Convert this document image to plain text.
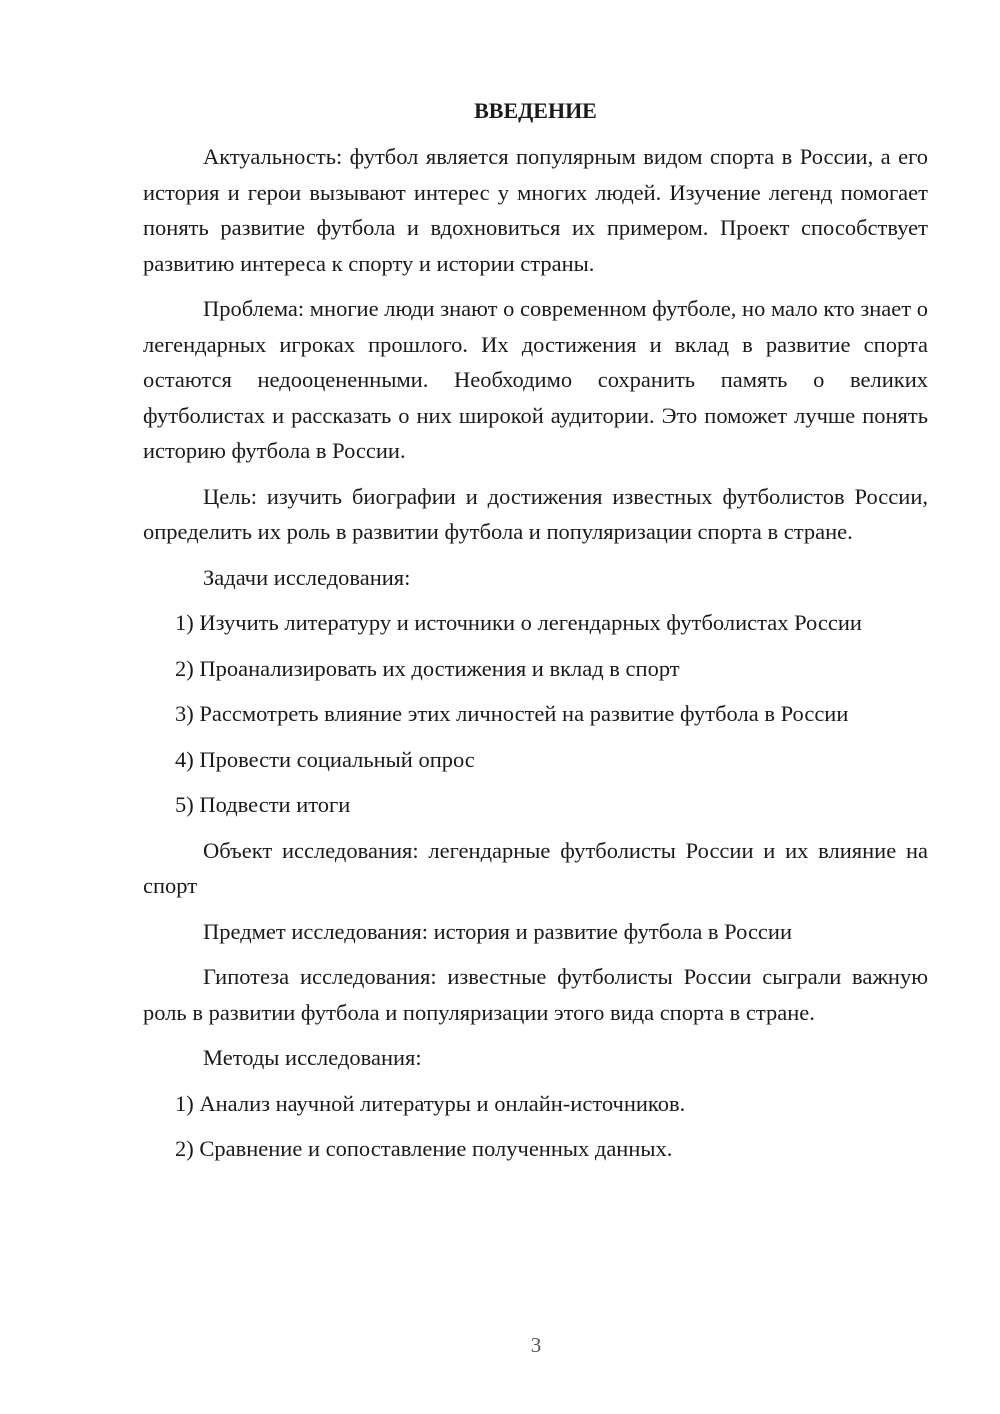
ВВЕДЕНИЕ

Актуальность: футбол является популярным видом спорта в России, а его история и герои вызывают интерес у многих людей. Изучение легенд помогает понять развитие футбола и вдохновиться их примером. Проект способствует развитию интереса к спорту и истории страны.

Проблема: многие люди знают о современном футболе, но мало кто знает о легендарных игроках прошлого. Их достижения и вклад в развитие спорта остаются недооцененными. Необходимо сохранить память о великих футболистах и рассказать о них широкой аудитории. Это поможет лучше понять историю футбола в России.

Цель: изучить биографии и достижения известных футболистов России, определить их роль в развитии футбола и популяризации спорта в стране.

Задачи исследования:
1) Изучить литературу и источники о легендарных футболистах России
2) Проанализировать их достижения и вклад в спорт
3) Рассмотреть влияние этих личностей на развитие футбола в России
4) Провести социальный опрос
5) Подвести итоги

Объект исследования: легендарные футболисты России и их влияние на спорт

Предмет исследования: история и развитие футбола в России

Гипотеза исследования: известные футболисты России сыграли важную роль в развитии футбола и популяризации этого вида спорта в стране.

Методы исследования:
1) Анализ научной литературы и онлайн-источников.
2) Сравнение и сопоставление полученных данных.
3
